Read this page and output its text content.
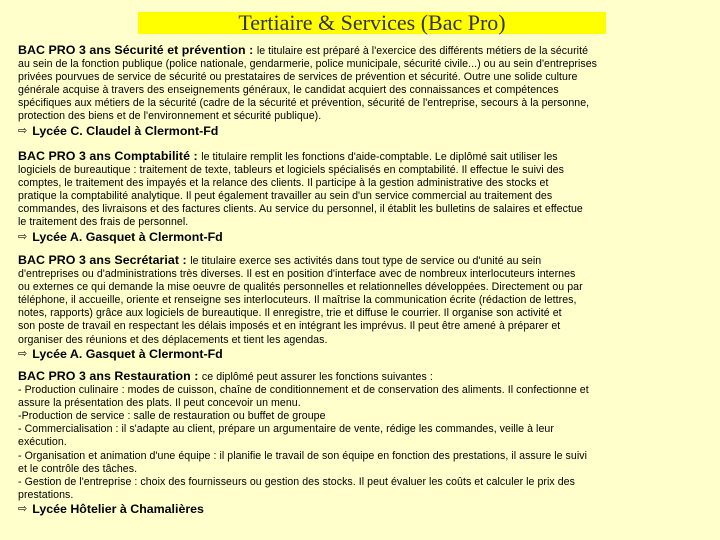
Tertiaire & Services (Bac Pro)

BAC PRO 3 ans Sécurité et prévention : le titulaire est préparé à l'exercice des différents métiers de la sécurité
au sein de la fonction publique (police nationale, gendarmerie, police municipale, sécurité civile...) ou au sein d'entreprises
privées pourvues de service de sécurité ou prestataires de services de prévention et sécurité. Outre une solide culture
générale acquise à travers des enseignements généraux, le candidat acquiert des connaissances et compétences
spécifiques aux métiers de la sécurité (cadre de la sécurité et prévention, sécurité de l'entreprise, secours à la personne,
protection des biens et de l'environnement et sécurité publique).

⇨ Lycée C. Claudel à Clermont-Fd

BAC PRO 3 ans Comptabilité : le titulaire remplit les fonctions d'aide-comptable. Le diplômé sait utiliser les
logiciels de bureautique : traitement de texte, tableurs et logiciels spécialisés en comptabilité. Il effectue le suivi des
comptes, le traitement des impayés et la relance des clients. Il participe à la gestion administrative des stocks et
pratique la comptabilité analytique. Il peut également travailler au sein d'un service commercial au traitement des
commandes, des livraisons et des factures clients. Au service du personnel, il établit les bulletins de salaires et effectue
le traitement des frais de personnel.

⇨ Lycée A. Gasquet à Clermont-Fd

BAC PRO 3 ans Secrétariat : le titulaire exerce ses activités dans tout type de service ou d'unité au sein
d'entreprises ou d'administrations très diverses. Il est en position d'interface avec de nombreux interlocuteurs internes
ou externes ce qui demande la mise oeuvre de qualités personnelles et relationnelles développées. Directement ou par
téléphone, il accueille, oriente et renseigne ses interlocuteurs. Il maîtrise la communication écrite (rédaction de lettres,
notes, rapports) grâce aux logiciels de bureautique. Il enregistre, trie et diffuse le courrier. Il organise son activité et
son poste de travail en respectant les délais imposés et en intégrant les imprévus. Il peut être amené à préparer et
organiser des réunions et des déplacements et tient les agendas.

⇨ Lycée A. Gasquet à Clermont-Fd

BAC PRO 3 ans Restauration : ce diplômé peut assurer les fonctions suivantes :
- Production culinaire : modes de cuisson, chaîne de conditionnement et de conservation des aliments. Il confectionne et
assure la présentation des plats. Il peut concevoir un menu.
-Production de service : salle de restauration ou buffet de groupe
- Commercialisation : il s'adapte au client, prépare un argumentaire de vente, rédige les commandes, veille à leur
exécution.
- Organisation et animation d'une équipe : il planifie le travail de son équipe en fonction des prestations, il assure le suivi
et le contrôle des tâches.
- Gestion de l'entreprise : choix des fournisseurs ou gestion des stocks. Il peut évaluer les coûts et calculer le prix des
prestations.

⇨ Lycée Hôtelier à Chamalières
